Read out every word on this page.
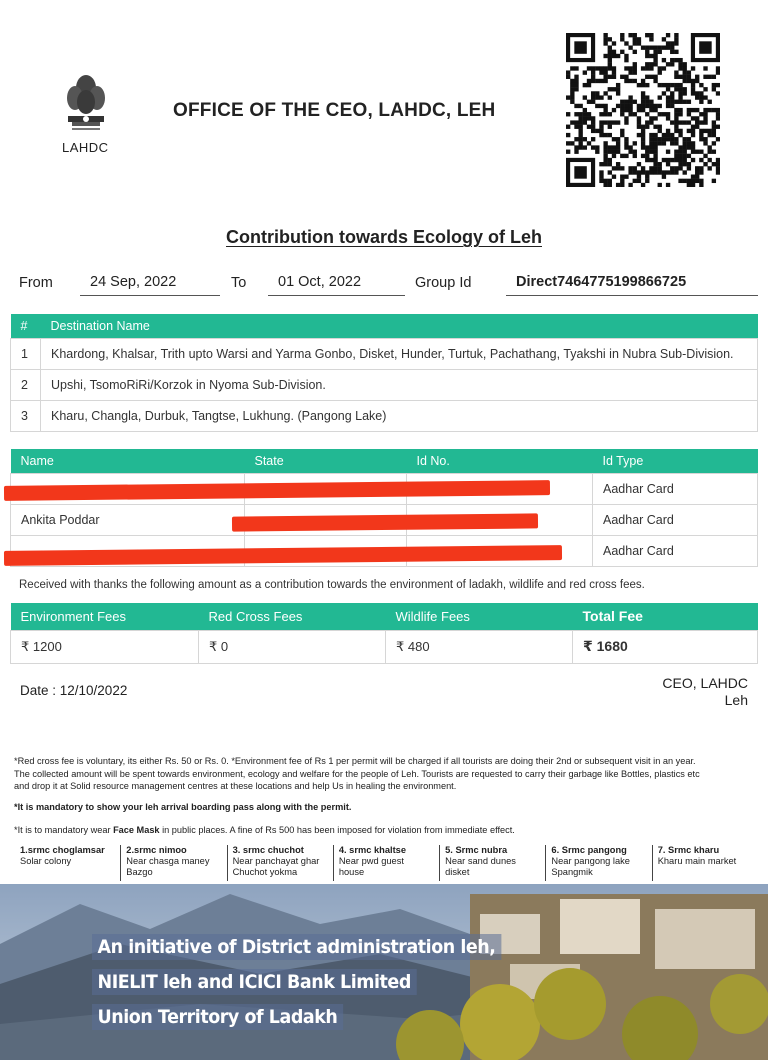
LAHDC
OFFICE OF THE CEO, LAHDC, LEH
Contribution towards Ecology of Leh
From	24 Sep, 2022	To	01 Oct, 2022	Group Id	Direct7464775199866725
#	Destination Name
1	Khardong, Khalsar, Trith upto Warsi and Yarma Gonbo, Disket, Hunder, Turtuk, Pachathang, Tyakshi in Nubra Sub-Division.
2	Upshi, TsomoRiRi/Korzok in Nyoma Sub-Division.
3	Kharu, Changla, Durbuk, Tangtse, Lukhung. (Pangong Lake)
Name	State	Id No.	Id Type
			Aadhar Card
Ankita Poddar			Aadhar Card
			Aadhar Card
Received with thanks the following amount as a contribution towards the environment of ladakh, wildlife and red cross fees.
Environment Fees	Red Cross Fees	Wildlife Fees	Total Fee
₹ 1200	₹ 0	₹ 480	₹ 1680
Date : 12/10/2022	CEO, LAHDC
Leh
*Red cross fee is voluntary, its either Rs. 50 or Rs. 0. *Environment fee of Rs 1 per permit will be charged if all tourists are doing their 2nd or subsequent visit in an year.
The collected amount will be spent towards environment, ecology and welfare for the people of Leh. Tourists are requested to carry their garbage like Bottles, plastics etc
and drop it at Solid resource management centres at these locations and help Us in healing the environment.
*It is mandatory to show your leh arrival boarding pass along with the permit.
*It is to mandatory wear Face Mask in public places. A fine of Rs 500 has been imposed for violation from immediate effect.
1.srmc choglamsar
Solar colony
2.srmc nimoo
Near chasga maney
Bazgo
3. srmc chuchot
Near panchayat ghar
Chuchot yokma
4. srmc khaltse
Near pwd guest
house
5. Srmc nubra
Near sand dunes
disket
6. Srmc pangong
Near pangong lake
Spangmik
7. Srmc kharu
Kharu main market
An initiative of District administration leh,
NIELIT leh and ICICI Bank Limited
Union Territory of Ladakh
